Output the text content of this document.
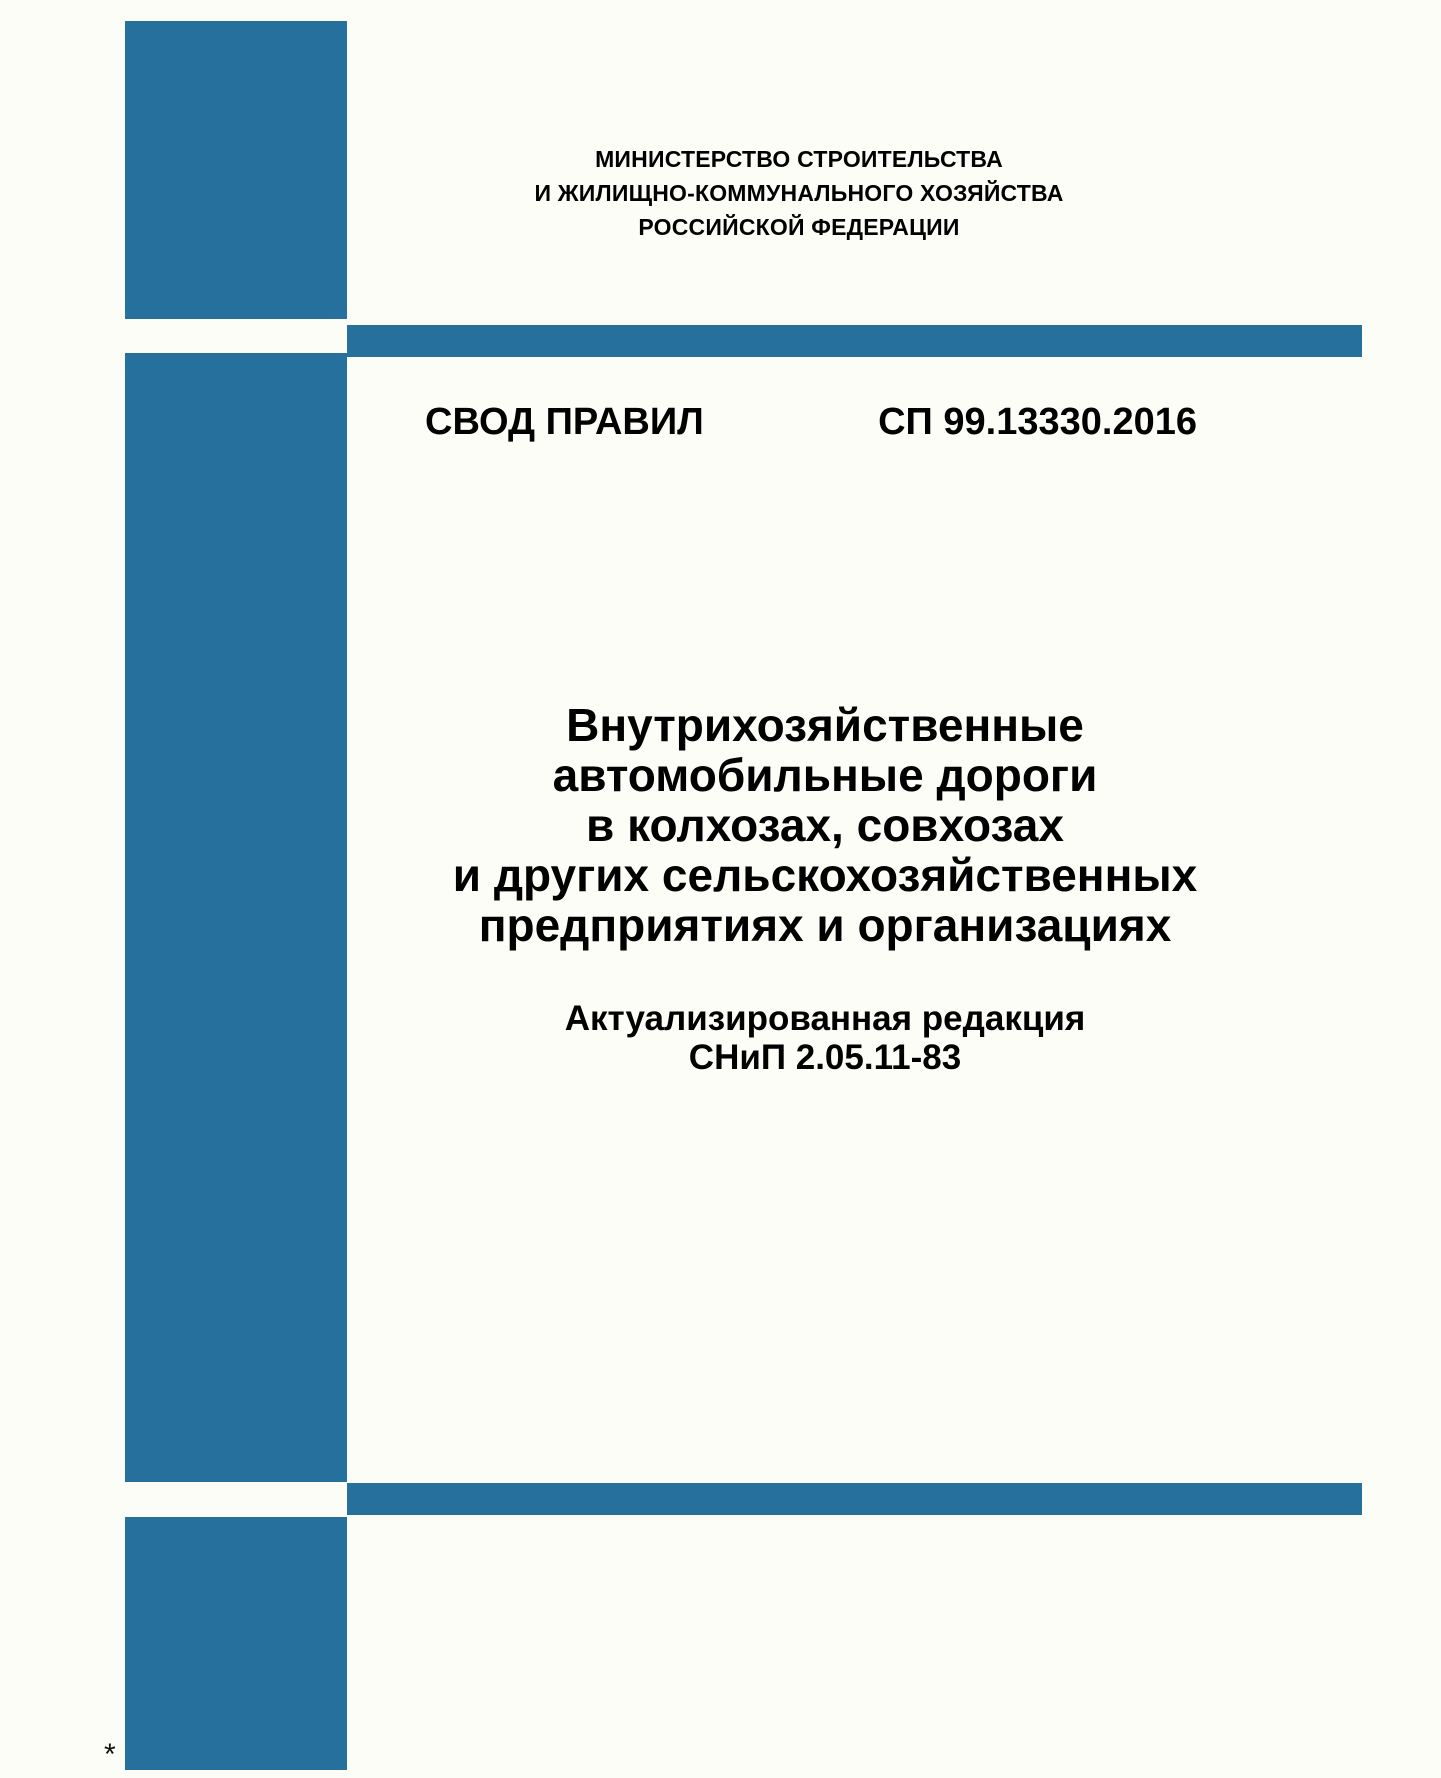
МИНИСТЕРСТВО СТРОИТЕЛЬСТВА
И ЖИЛИЩНО-КОММУНАЛЬНОГО ХОЗЯЙСТВА
РОССИЙСКОЙ ФЕДЕРАЦИИ
СВОД ПРАВИЛ	СП 99.13330.2016
Внутрихозяйственные
автомобильные дороги
в колхозах, совхозах
и других сельскохозяйственных
предприятиях и организациях
Актуализированная редакция
СНиП 2.05.11-83
*
